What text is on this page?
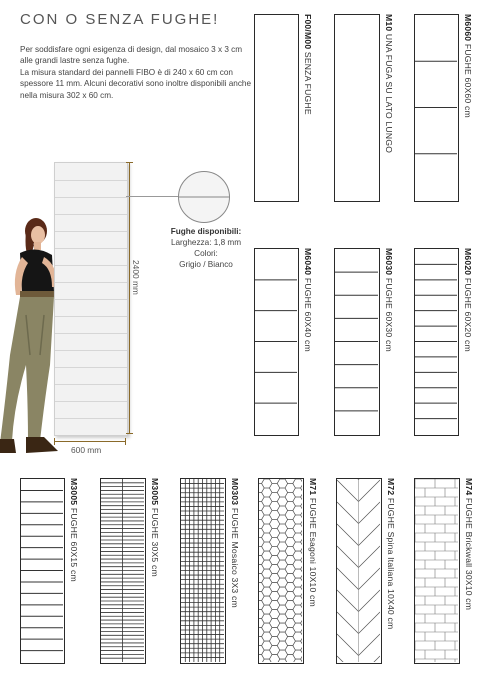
CON O SENZA FUGHE!

Per soddisfare ogni esigenza di design, dal mosaico 3 x 3 cm alle grandi lastre senza fughe.

La misura standard dei pannelli FIBO è di 240 x 60 cm con spessore 11 mm. Alcuni decorativi sono inoltre disponibili anche nella misura 302 x 60 cm.

2400 mm
600 mm
Fughe disponibili:
Larghezza: 1,8 mm
Colori:
Grigio / Bianco
F00/M00 SENZA FUGHE
M10 UNA FUGA SU LATO LUNGO
M6060 FUGHE 60X60 cm
M6040 FUGHE 60X40 cm
M6030 FUGHE 60X30 cm
M6020 FUGHE 60X20 cm
M3005 FUGHE 60X15 cm
M3005 FUGHE 30X5 cm
M0303 FUGHE Mosaico 3X3 cm
M71 FUGHE Esagoni 10X10 cm
M72 FUGHE Spina Italiana 10X40 cm
M74 FUGHE Brickwall 30X10 cm
